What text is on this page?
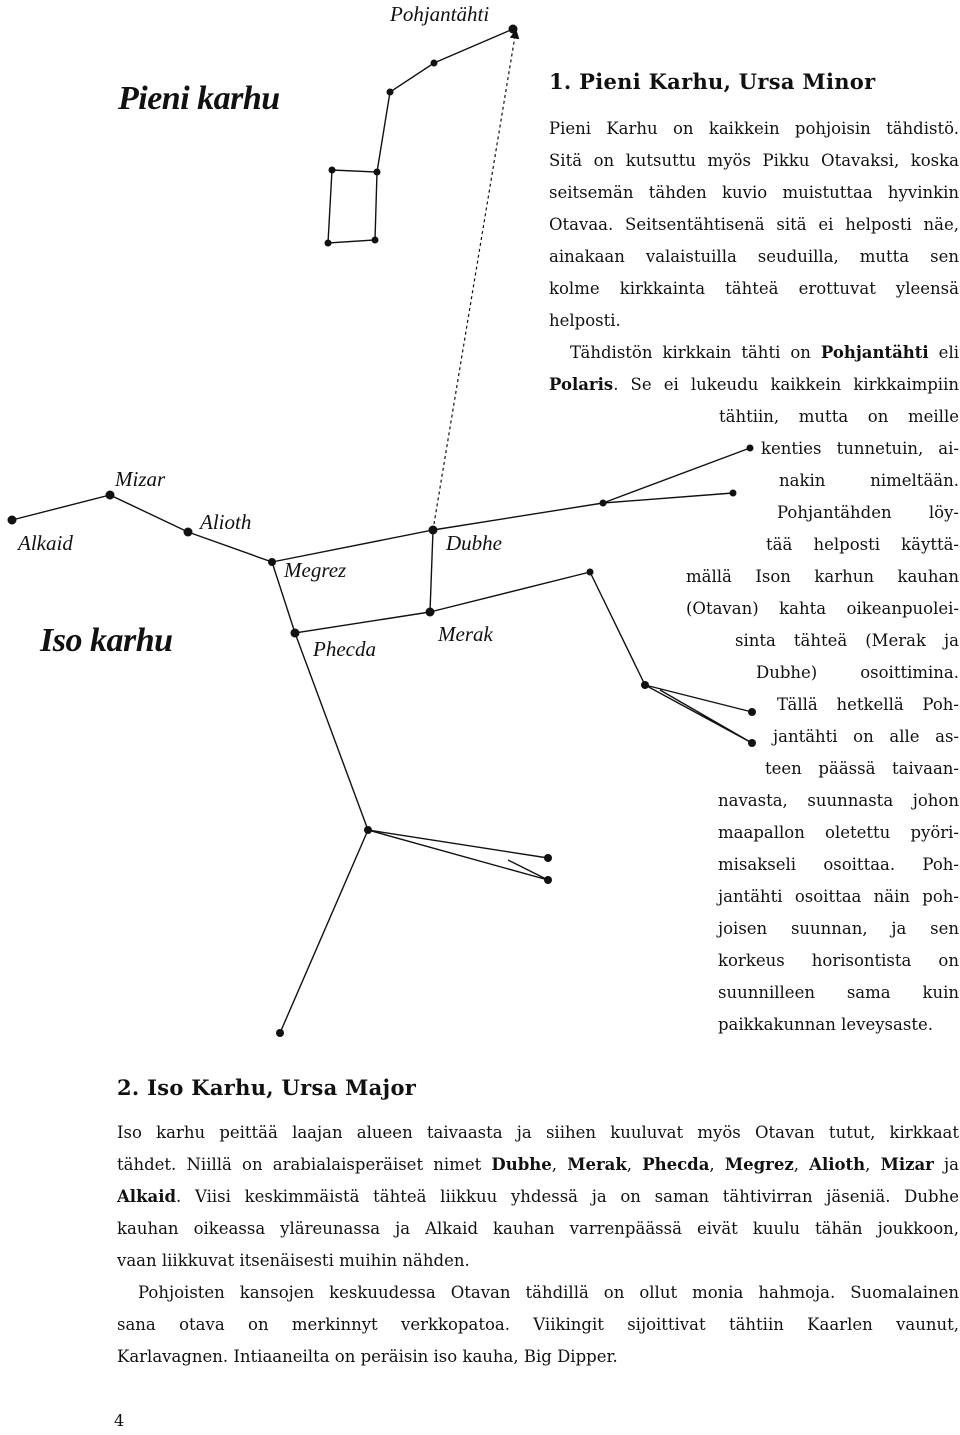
Pieni karhu
Iso karhu
Pohjantähti
Mizar
Alkaid
Alioth
Megrez
Dubhe
Merak
Phecda
1. Pieni Karhu, Ursa Minor
Pieni Karhu on kaikkein pohjoisin tähdistö.
Sitä on kutsuttu myös Pikku Otavaksi, koska
seitsemän tähden kuvio muistuttaa hyvinkin
Otavaa. Seitsentähtisenä sitä ei helposti näe,
ainakaan valaistuilla seuduilla, mutta sen
kolme kirkkainta tähteä erottuvat yleensä
helposti.
Tähdistön kirkkain tähti on Pohjantähti eli
Polaris. Se ei lukeudu kaikkein kirkkaimpiin
tähtiin, mutta on meille
kenties tunnetuin, ai-
nakin nimeltään.
Pohjantähden löy-
tää helposti käyttä-
mällä Ison karhun kauhan
(Otavan) kahta oikeanpuolei-
sinta tähteä (Merak ja
Dubhe) osoittimina.
Tällä hetkellä Poh-
jantähti on alle as-
teen päässä taivaan-
navasta, suunnasta johon
maapallon oletettu pyöri-
misakseli osoittaa. Poh-
jantähti osoittaa näin poh-
joisen suunnan, ja sen
korkeus horisontista on
suunnilleen sama kuin
paikkakunnan leveysaste.
2. Iso Karhu, Ursa Major
Iso karhu peittää laajan alueen taivaasta ja siihen kuuluvat myös Otavan tutut, kirkkaat
tähdet. Niillä on arabialaisperäiset nimet Dubhe, Merak, Phecda, Megrez, Alioth, Mizar ja
Alkaid. Viisi keskimmäistä tähteä liikkuu yhdessä ja on saman tähtivirran jäseniä. Dubhe
kauhan oikeassa yläreunassa ja Alkaid kauhan varrenpäässä eivät kuulu tähän joukkoon,
vaan liikkuvat itsenäisesti muihin nähden.
Pohjoisten kansojen keskuudessa Otavan tähdillä on ollut monia hahmoja. Suomalainen
sana otava on merkinnyt verkkopatoa. Viikingit sijoittivat tähtiin Kaarlen vaunut,
Karlavagnen. Intiaaneilta on peräisin iso kauha, Big Dipper.
4
